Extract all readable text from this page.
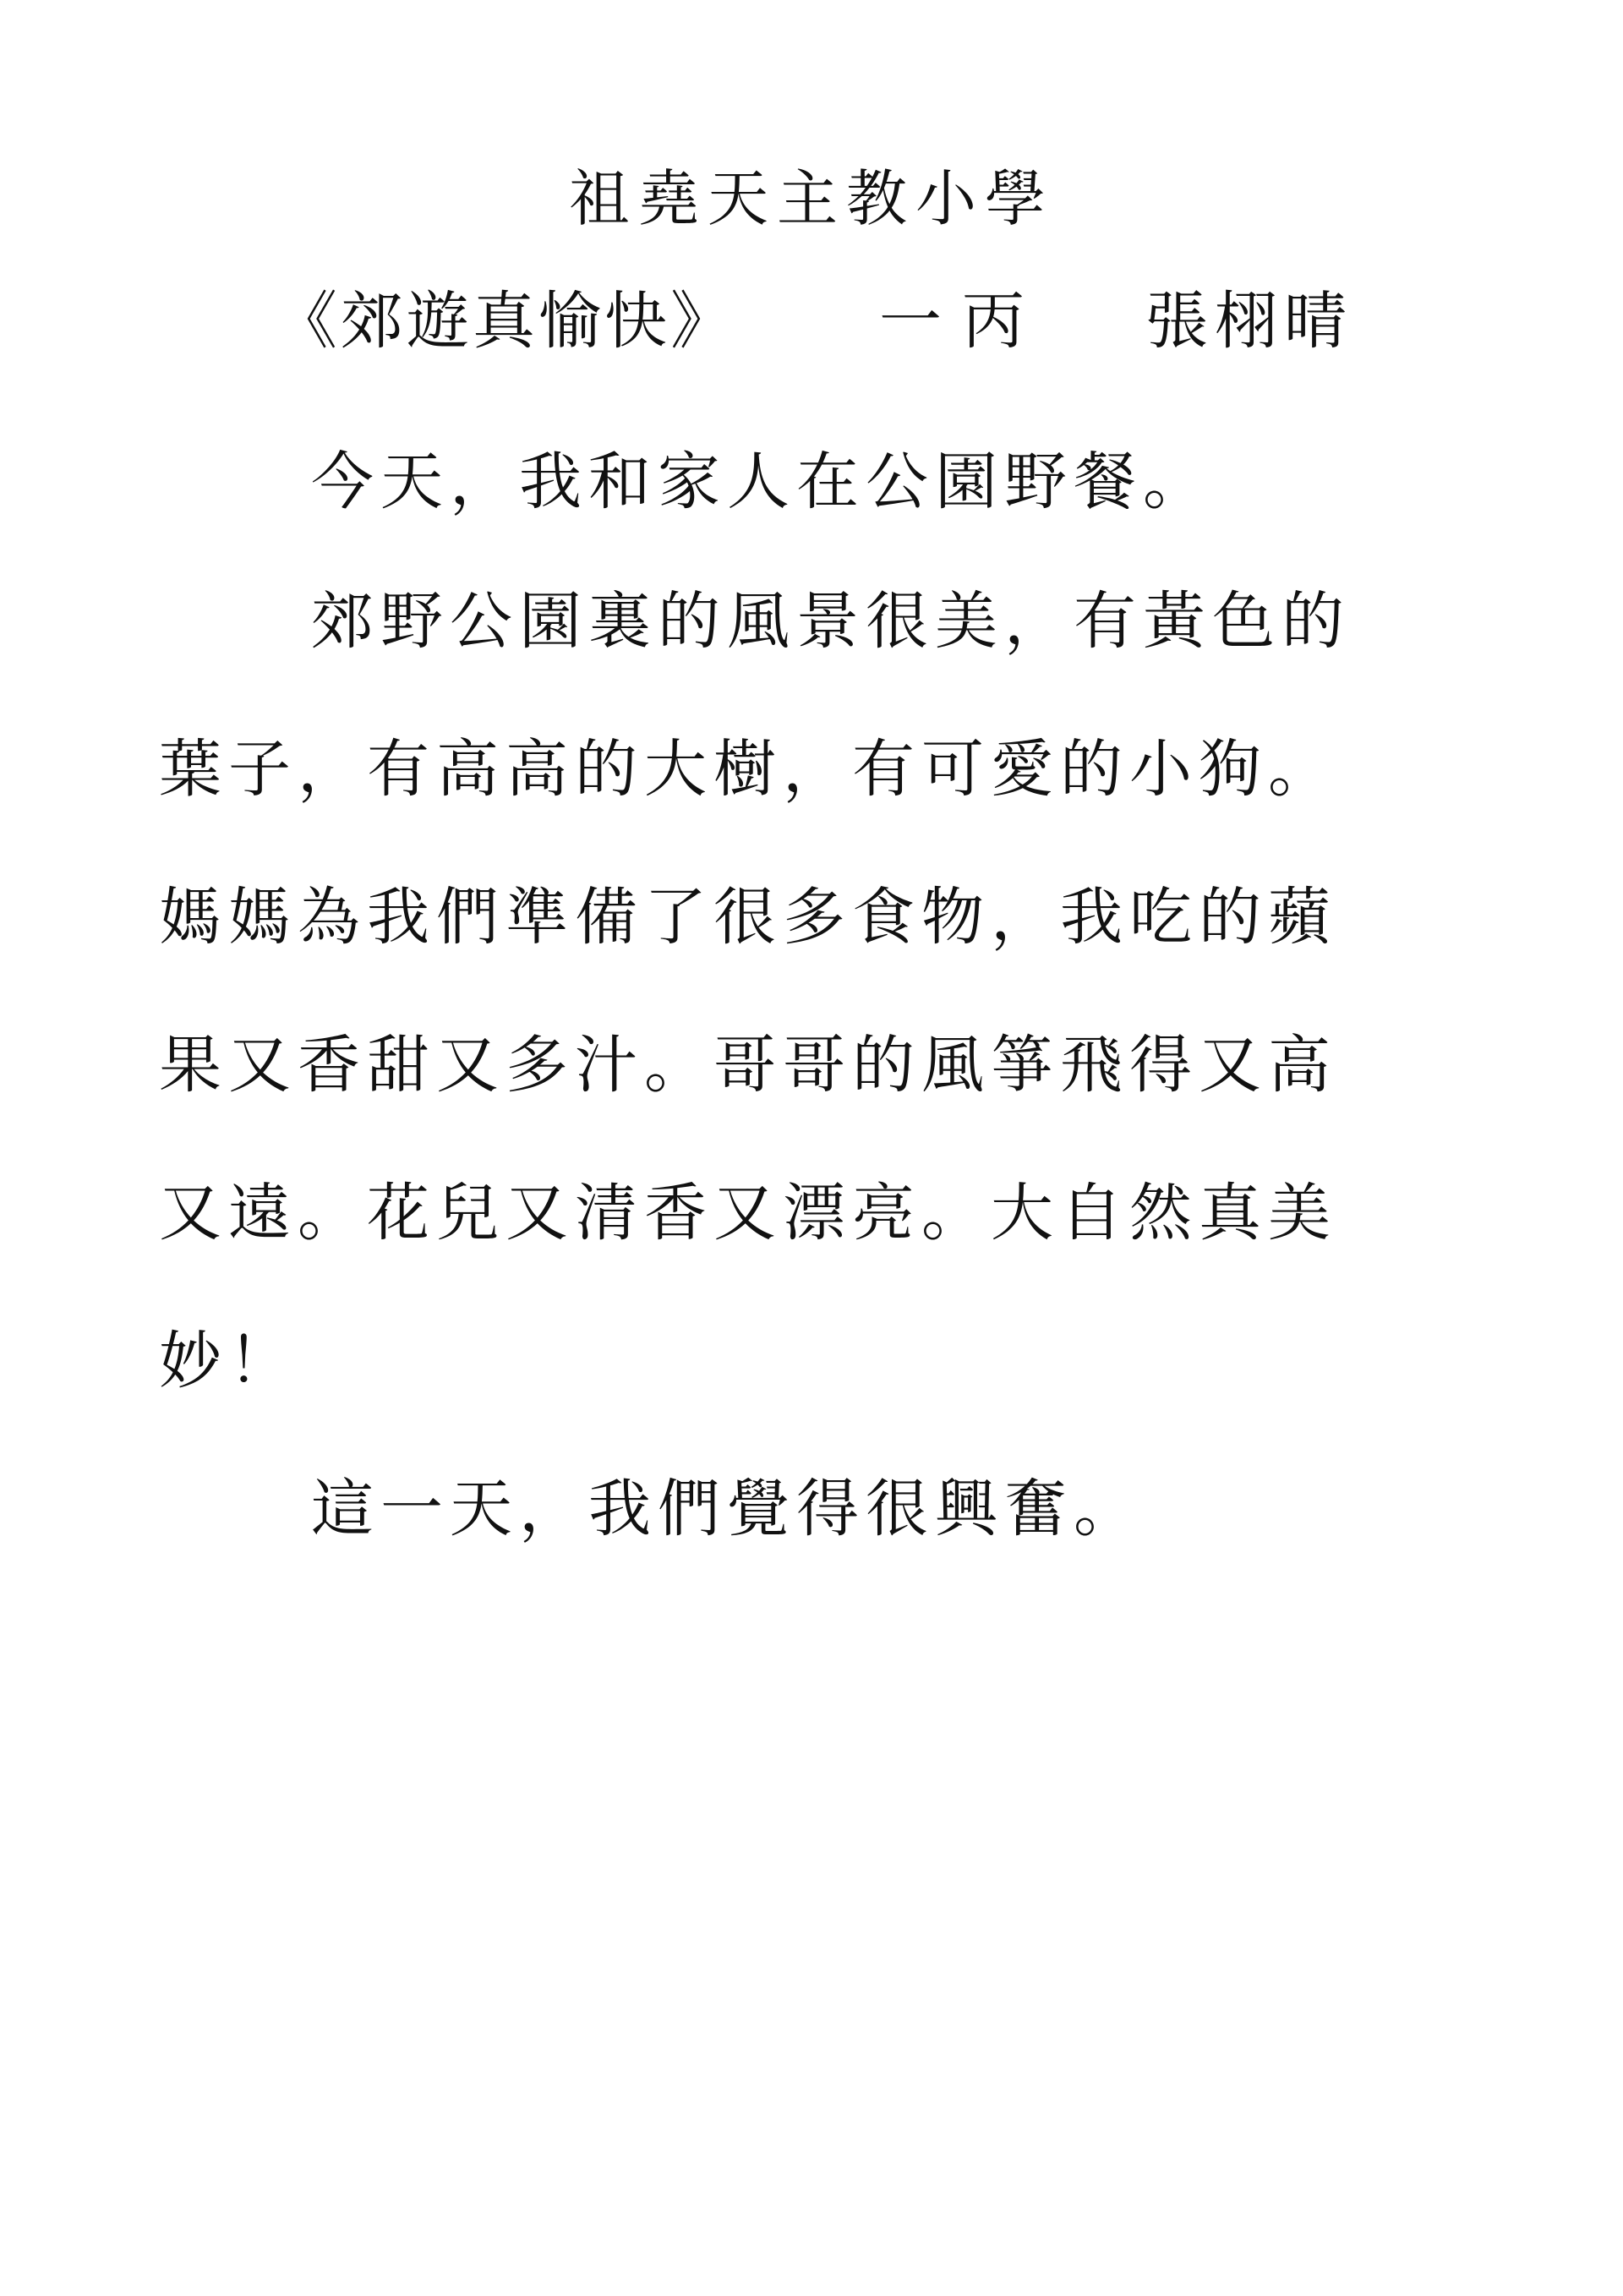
祖堯天主教小學
《郊遊真愉快》 一丙 張栩晴
今天，我和家人在公園野餐。
郊野公園裏的風景很美，有黃色的
葉子，有高高的大樹，有可愛的小狗。
媽媽為我們準備了很多食物，我吃的蘋
果又香甜又多汁。哥哥的風箏飛得又高
又遠。花兒又清香又漂亮。大自然真美
妙！
這一天，我們覺得很興奮。
